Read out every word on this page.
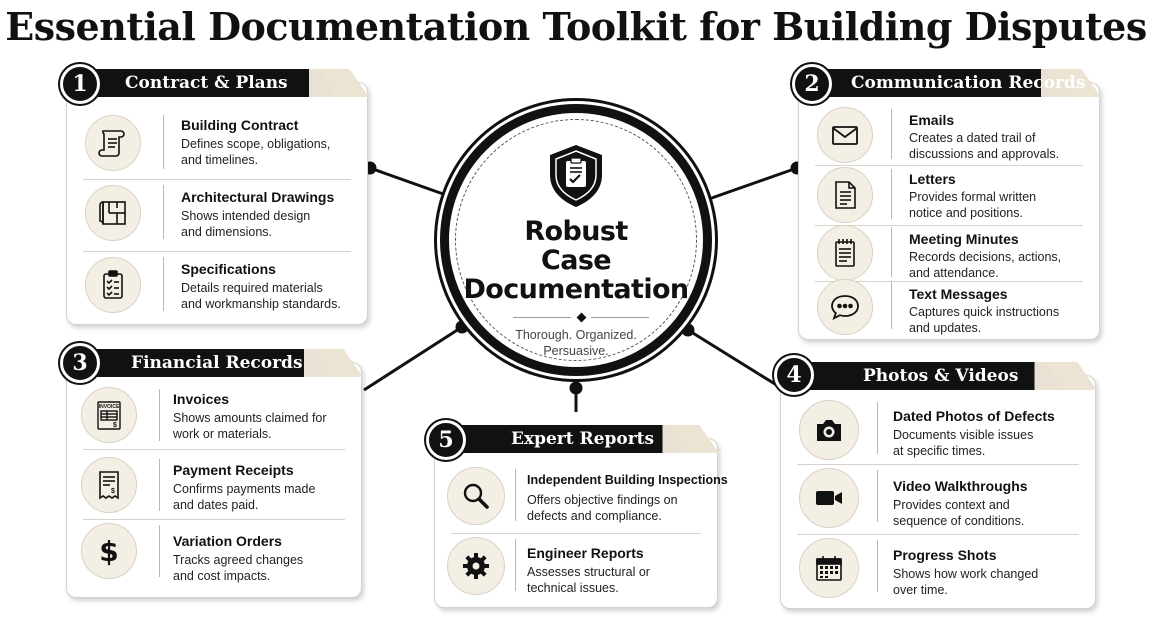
Essential Documentation Toolkit for Building Disputes
Contract & Plans
Building Contract
Defines scope, obligations,
and timelines.
Architectural Drawings
Shows intended design
and dimensions.
Specifications
Details required materials
and workmanship standards.
1	Communication Records
Emails
Creates a dated trail of
discussions and approvals.
Letters
Provides formal written
notice and positions.
Meeting Minutes
Records decisions, actions,
and attendance.
Text Messages
Captures quick instructions
and updates.
2
Financial Records
INVOICE
$
Invoices
Shows amounts claimed for
work or materials.
$
Payment Receipts
Confirms payments made
and dates paid.
$	Variation Orders
Tracks agreed changes
and cost impacts.
3	Photos & Videos
Dated Photos of Defects
Documents visible issues
at specific times.
Video Walkthroughs
Provides context and
sequence of conditions.
Progress Shots
Shows how work changed
over time.
4
Expert Reports
Independent Building Inspections
Offers objective findings on
defects and compliance.
Engineer Reports
Assesses structural or
technical issues.
5
Robust
Case
Documentation
Thorough. Organized.
Persuasive.
